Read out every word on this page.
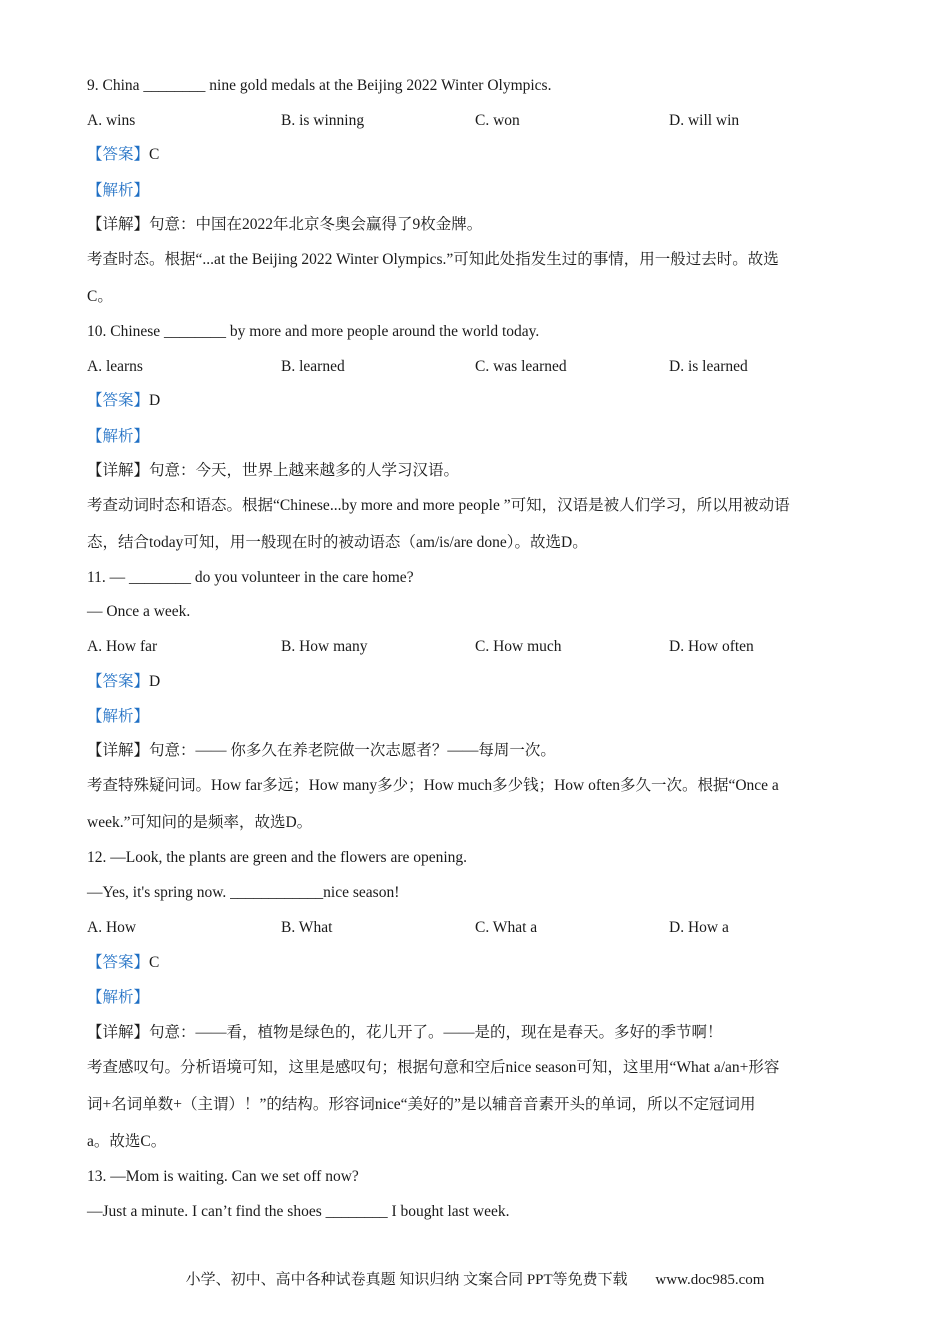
9. China ________ nine gold medals at the Beijing 2022 Winter Olympics.
A. wins	B. is winning	C. won	D. will win
【答案】C
【解析】
【详解】句意：中国在2022年北京冬奥会赢得了9枚金牌。
考查时态。根据“...at the Beijing 2022 Winter Olympics.”可知此处指发生过的事情，用一般过去时。故选
C。
10. Chinese ________ by more and more people around the world today.
A. learns	B. learned	C. was learned	D. is learned
【答案】D
【解析】
【详解】句意：今天，世界上越来越多的人学习汉语。
考查动词时态和语态。根据“Chinese...by more and more people ”可知，汉语是被人们学习，所以用被动语
态，结合today可知，用一般现在时的被动语态（am/is/are done）。故选D。
11. — ________ do you volunteer in the care home?
— Once a week.
A. How far	B. How many	C. How much	D. How often
【答案】D
【解析】
【详解】句意：—— 你多久在养老院做一次志愿者？——每周一次。
考查特殊疑问词。How far多远；How many多少；How much多少钱；How often多久一次。根据“Once a
week.”可知问的是频率，故选D。
12. —Look, the plants are green and the flowers are opening.
—Yes, it's spring now. ____________nice season!
A. How	B. What	C. What a	D. How a
【答案】C
【解析】
【详解】句意：——看，植物是绿色的，花儿开了。——是的，现在是春天。多好的季节啊！
考查感叹句。分析语境可知，这里是感叹句；根据句意和空后nice season可知，这里用“What a/an+形容
词+名词单数+（主谓）！”的结构。形容词nice“美好的”是以辅音音素开头的单词，所以不定冠词用
a。故选C。
13. —Mom is waiting. Can we set off now?
—Just a minute. I can’t find the shoes ________ I bought last week.
小学、初中、高中各种试卷真题 知识归纳 文案合同 PPT等免费下载 www.doc985.com
